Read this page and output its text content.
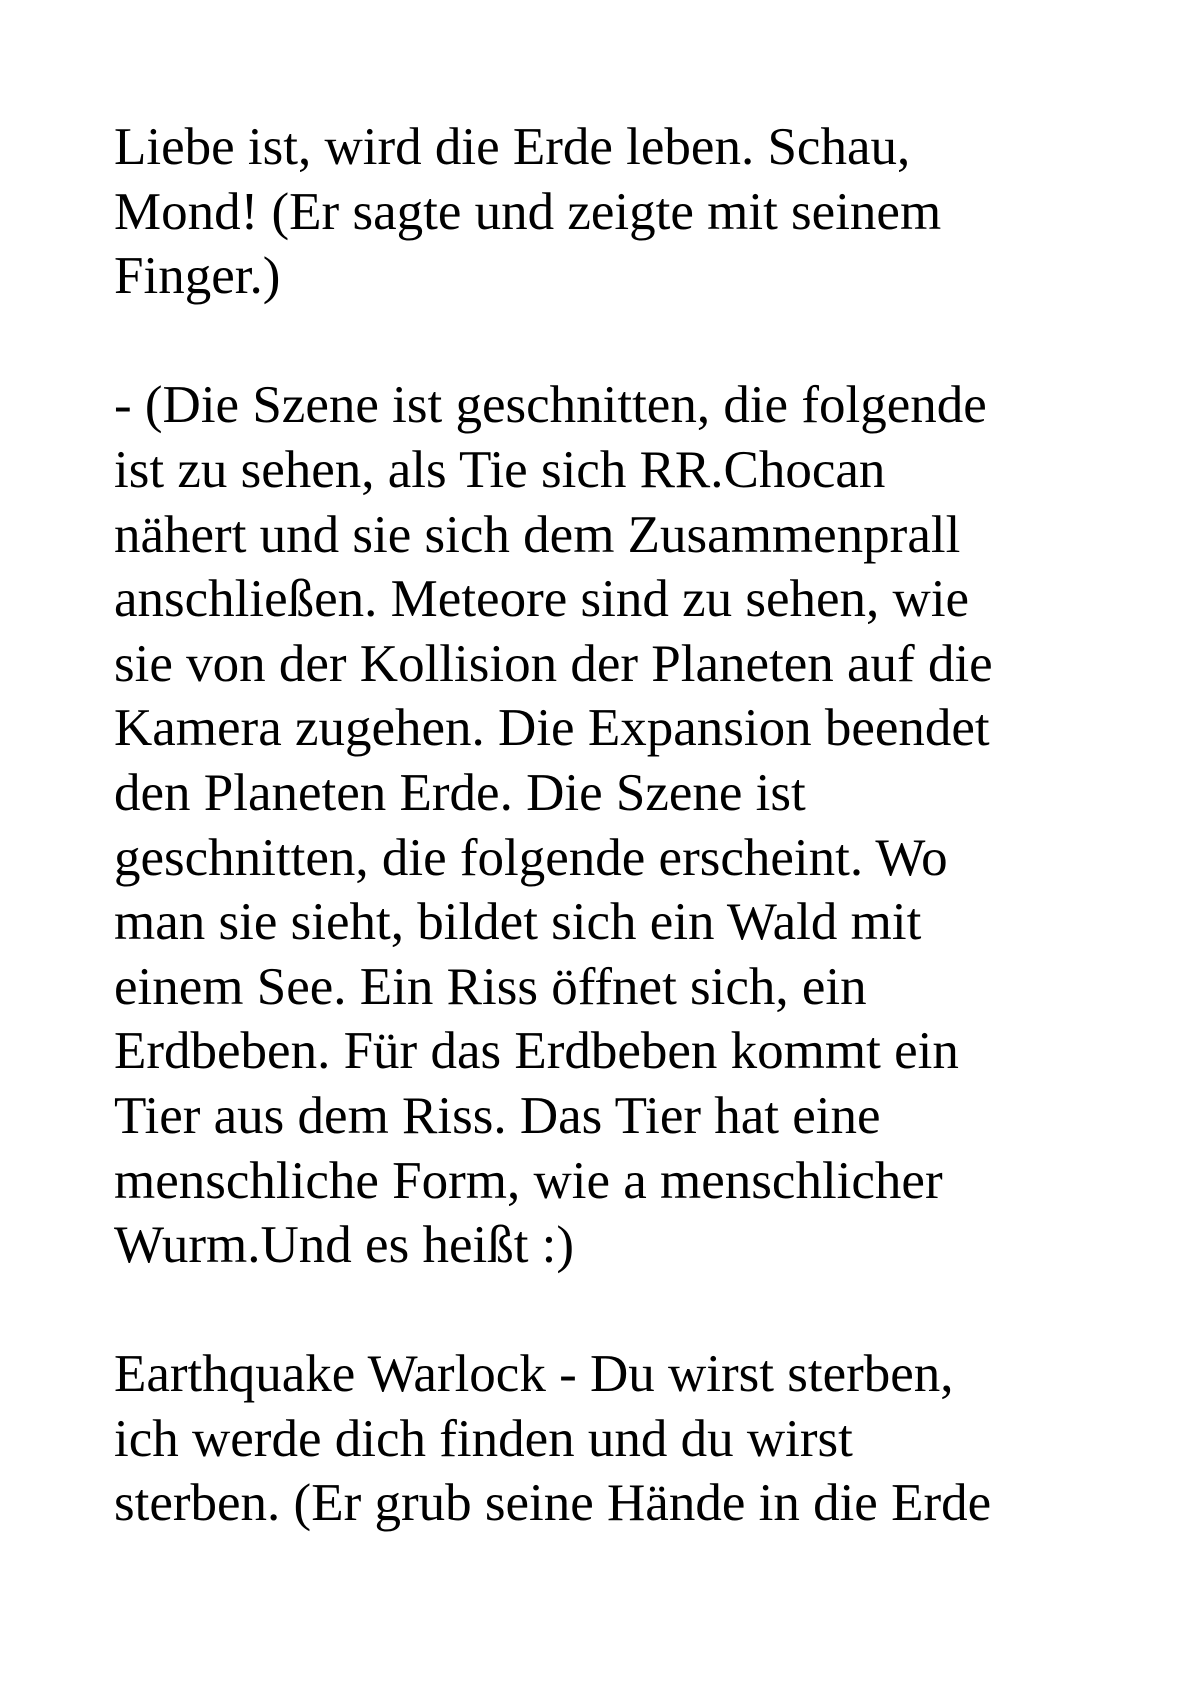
Liebe ist, wird die Erde leben. Schau,
Mond! (Er sagte und zeigte mit seinem
Finger.)
- (Die Szene ist geschnitten, die folgende
ist zu sehen, als Tie sich RR.Chocan
nähert und sie sich dem Zusammenprall
anschließen. Meteore sind zu sehen, wie
sie von der Kollision der Planeten auf die
Kamera zugehen. Die Expansion beendet
den Planeten Erde. Die Szene ist
geschnitten, die folgende erscheint. Wo
man sie sieht, bildet sich ein Wald mit
einem See. Ein Riss öffnet sich, ein
Erdbeben. Für das Erdbeben kommt ein
Tier aus dem Riss. Das Tier hat eine
menschliche Form, wie a menschlicher
Wurm.Und es heißt :)
Earthquake Warlock - Du wirst sterben,
ich werde dich finden und du wirst
sterben. (Er grub seine Hände in die Erde
